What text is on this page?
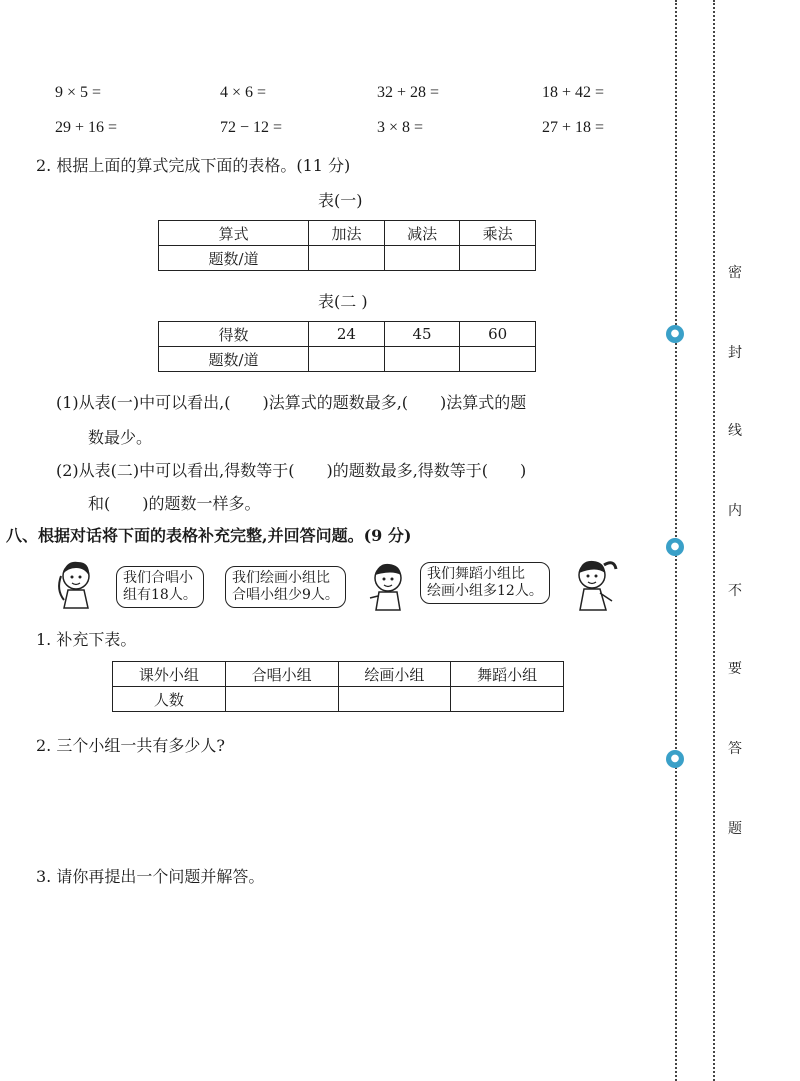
9 × 5 =	4 × 6 =	32 + 28 =	18 + 42 =
29 + 16 =	72 − 12 =	3 × 8 =	27 + 18 =
2. 根据上面的算式完成下面的表格。(11 分)
表(一)
算式	加法	减法	乘法
题数/道			
表(二 )
得数	24	45	60
题数/道			
(1)从表(一)中可以看出,(　　)法算式的题数最多,(　　)法算式的题
数最少。
(2)从表(二)中可以看出,得数等于(　　)的题数最多,得数等于(　　)
和(　　)的题数一样多。
八、根据对话将下面的表格补充完整,并回答问题。(9 分)
我们合唱小
组有18人。
我们绘画小组比
合唱小组少9人。
我们舞蹈小组比
绘画小组多12人。
1. 补充下表。
课外小组	合唱小组	绘画小组	舞蹈小组
人数			
2. 三个小组一共有多少人?
3. 请你再提出一个问题并解答。
●
●
●
密
封
线
内
不
要
答
题
